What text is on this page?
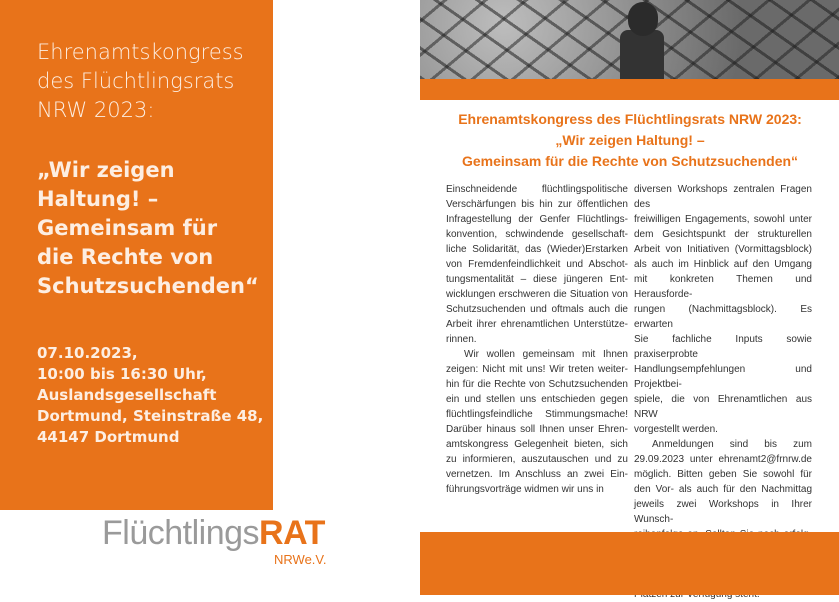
Ehrenamtskongress
des Flüchtlingsrats
NRW 2023:
„Wir zeigen
Haltung! –
Gemeinsam für
die Rechte von
Schutzsuchenden“
07.10.2023,
10:00 bis 16:30 Uhr,
Auslandsgesellschaft
Dortmund, Steinstraße 48,
44147 Dortmund
FlüchtlingsRAT
NRWe.V.
Ehrenamtskongress des Flüchtlingsrats NRW 2023:
„Wir zeigen Haltung! –
Gemeinsam für die Rechte von Schutzsuchenden“

Einschneidende flüchtlingspolitische

Verschärfungen bis hin zur öffentlichen

Infragestellung der Genfer Flüchtlings-

konvention, schwindende gesellschaft-

liche Solidarität, das (Wieder)Erstarken

von Fremdenfeindlichkeit und Abschot-

tungsmentalität – diese jüngeren Ent-

wicklungen erschweren die Situation von

Schutzsuchenden und oftmals auch die

Arbeit ihrer ehrenamtlichen Unterstütze-

rinnen.

Wir wollen gemeinsam mit Ihnen

zeigen: Nicht mit uns! Wir treten weiter-

hin für die Rechte von Schutzsuchenden

ein und stellen uns entschieden gegen

flüchtlingsfeindliche Stimmungsmache!

Darüber hinaus soll Ihnen unser Ehren-

amtskongress Gelegenheit bieten, sich

zu informieren, auszutauschen und zu

vernetzen. Im Anschluss an zwei Ein-

führungsvorträge widmen wir uns in

diversen Workshops zentralen Fragen des

freiwilligen Engagements, sowohl unter

dem Gesichtspunkt der strukturellen

Arbeit von Initiativen (Vormittagsblock)

als auch im Hinblick auf den Umgang

mit konkreten Themen und Herausforde-

rungen (Nachmittagsblock). Es erwarten

Sie fachliche Inputs sowie praxiserprobte

Handlungsempfehlungen und Projektbei-

spiele, die von Ehrenamtlichen aus NRW

vorgestellt werden.

Anmeldungen sind bis zum

29.09.2023 unter ehrenamt2@frnrw.de

möglich. Bitten geben Sie sowohl für

den Vor- als auch für den Nachmittag

jeweils zwei Workshops in Ihrer Wunsch-
